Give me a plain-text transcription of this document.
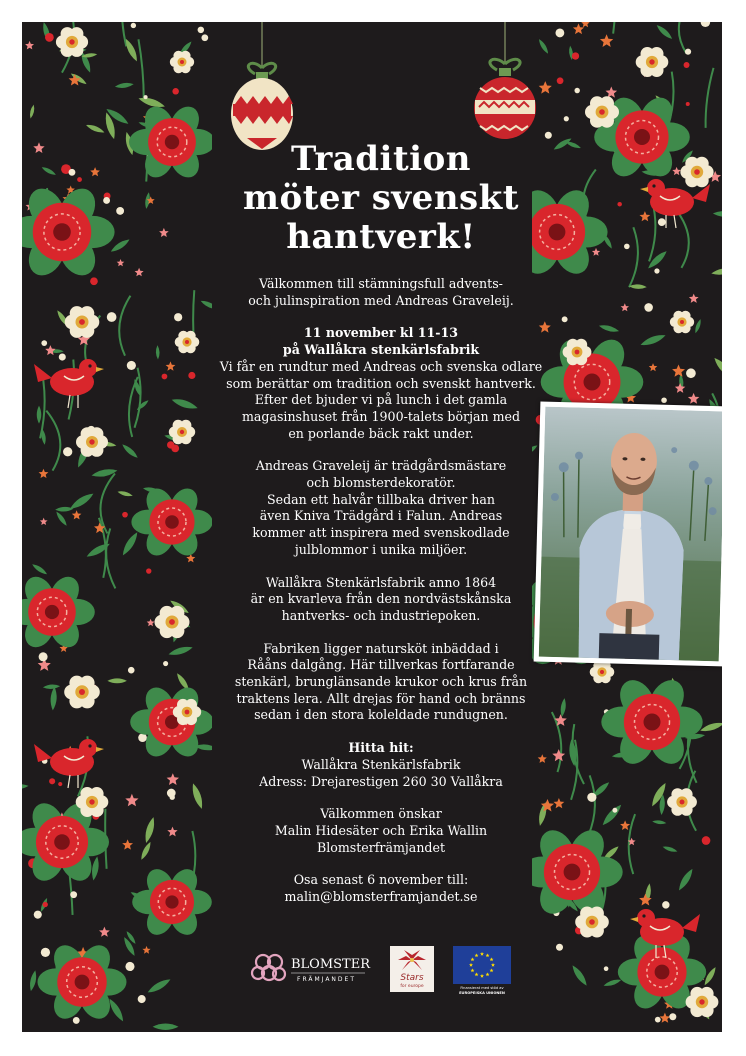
Tradition
möter svenskt
hantverk!

Välkommen till stämningsfull advents-
och julinspiration med Andreas Graveleij.

11 november kl 11-13
på Wallåkra stenkärlsfabrik
Vi får en rundtur med Andreas och svenska odlare
som berättar om tradition och svenskt hantverk.
Efter det bjuder vi på lunch i det gamla
magasinshuset från 1900-talets början med
en porlande bäck rakt under.

Andreas Graveleij är trädgårdsmästare
och blomsterdekoratör.
Sedan ett halvår tillbaka driver han
även Kniva Trädgård i Falun. Andreas
kommer att inspirera med svenskodlade
julblommor i unika miljöer.

Wallåkra Stenkärlsfabrik anno 1864
är en kvarleva från den nordvästskånska
hantverks- och industriepoken.

Fabriken ligger natursköt inbäddad i
Rååns dalgång. Här tillverkas fortfarande
stenkärl, brunglänsande krukor och krus från
traktens lera. Allt drejas för hand och bränns
sedan i den stora koleldade rundugnen.

Hitta hit:
Wallåkra Stenkärlsfabrik
Adress: Drejarestigen 260 30 Vallåkra

Välkommen önskar
Malin Hidesäter och Erika Wallin
Blomsterfrämjandet

Osa senast 6 november till:
malin@blomsterframjandet.se

BLOMSTER
FRÄMJANDET	Stars
for europe	Finansierat med stöd av
EUROPEISKA UNIONEN
